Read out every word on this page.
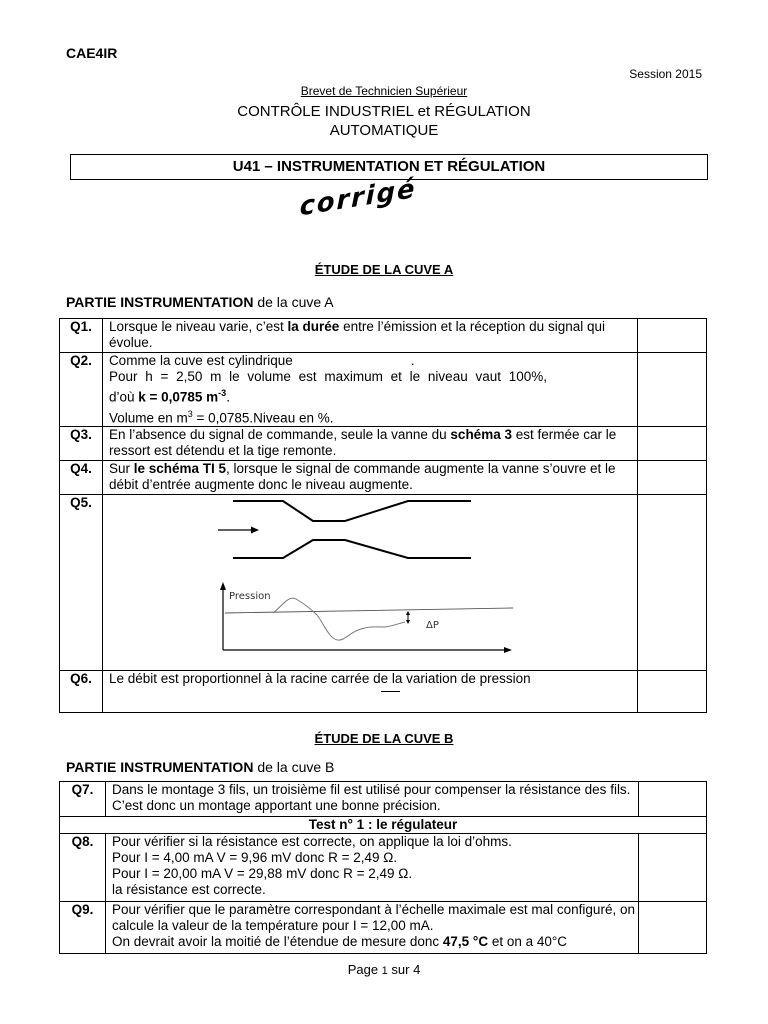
CAE4IR
Session 2015
Brevet de Technicien Supérieur
CONTRÔLE INDUSTRIEL et RÉGULATION
AUTOMATIQUE
U41 – INSTRUMENTATION ET RÉGULATION
corrigé
ÉTUDE DE LA CUVE A
PARTIE INSTRUMENTATION de la cuve A
Q1.	Lorsque le niveau varie, c’est la durée entre l’émission et la réception du signal qui évolue.	
Q2.	Comme la cuve est cylindrique .
Pour h = 2,50 m le volume est maximum et le niveau vaut 100%,
d’où k = 0,0785 $m^{-3}$.
Volume en $m^3$ = 0,0785.Niveau en %.	

Q3.	En l’absence du signal de commande, seule la vanne du schéma 3 est fermée car le ressort est détendu et la tige remonte.	
Q4.	Sur le schéma TI 5, lorsque le signal de commande augmente la vanne s’ouvre et le débit d’entrée augmente donc le niveau augmente.	
Q5.	Pression
ΔP	

Q6.	Le débit est proportionnel à la racine carrée de la variation de pression	

ÉTUDE DE LA CUVE B
PARTIE INSTRUMENTATION de la cuve B
Q7.	Dans le montage 3 fils, un troisième fil est utilisé pour compenser la résistance des fils. C’est donc un montage apportant une bonne précision.	
Test n° 1 : le régulateur		
Q8.	Pour vérifier si la résistance est correcte, on applique la loi d’ohms.
Pour I = 4,00 mA V = 9,96 mV donc R = 2,49 Ω.
Pour I = 20,00 mA V = 29,88 mV donc R = 2,49 Ω.
la résistance est correcte.	

Q9.	Pour vérifier que le paramètre correspondant à l’échelle maximale est mal configuré, on calcule la valeur de la température pour I = 12,00 mA.
On devrait avoir la moitié de l’étendue de mesure donc 47,5 °C et on a 40°C	

Page 1 sur 4
